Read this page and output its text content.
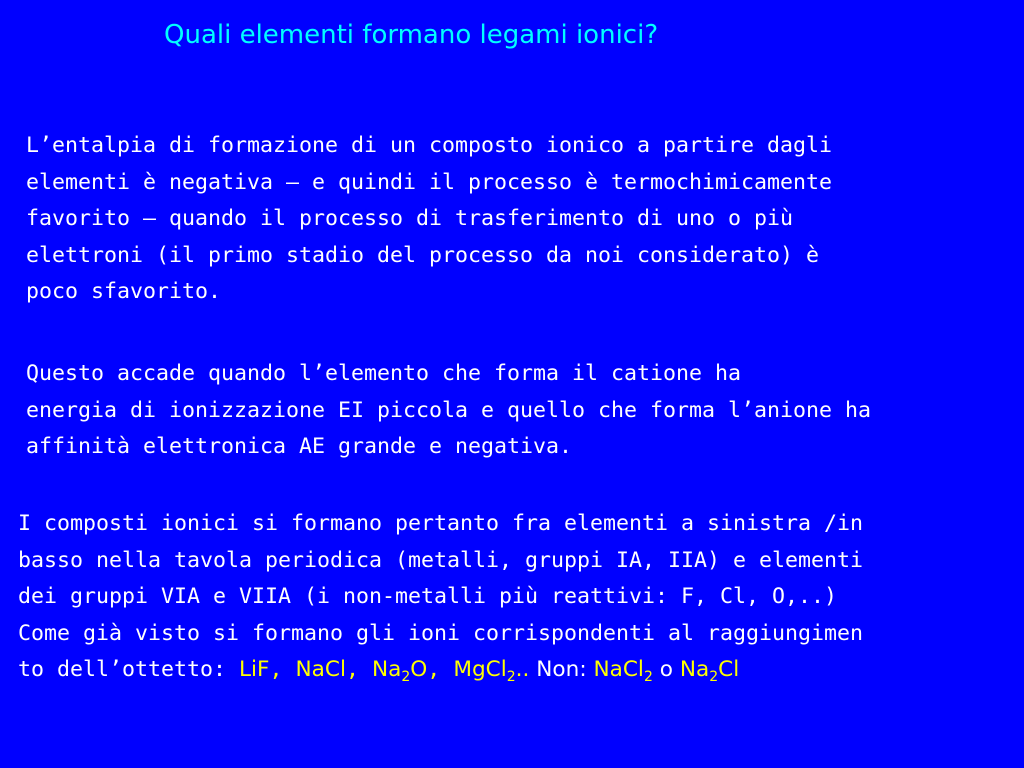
Quali elementi formano legami ionici?
L’entalpia di formazione di un composto ionico a partire dagli
elementi è negativa – e quindi il processo è termochimicamente
favorito – quando il processo di trasferimento di uno o più
elettroni (il primo stadio del processo da noi considerato) è
poco sfavorito.
Questo accade quando l’elemento che forma il catione ha
energia di ionizzazione EI piccola e quello che forma l’anione ha
affinità elettronica AE grande e negativa.
I composti ionici si formano pertanto fra elementi a sinistra /in
basso nella tavola periodica (metalli, gruppi IA, IIA) e elementi
dei gruppi VIA e VIIA (i non-metalli più reattivi: F, Cl, O,..)
Come già visto si formano gli ioni corrispondenti al raggiungimen
to dell’ottetto: LiF, NaCl, $Na_2O$, MgCl$_2$.. Non: NaCl$_2$ o $Na_2Cl$
